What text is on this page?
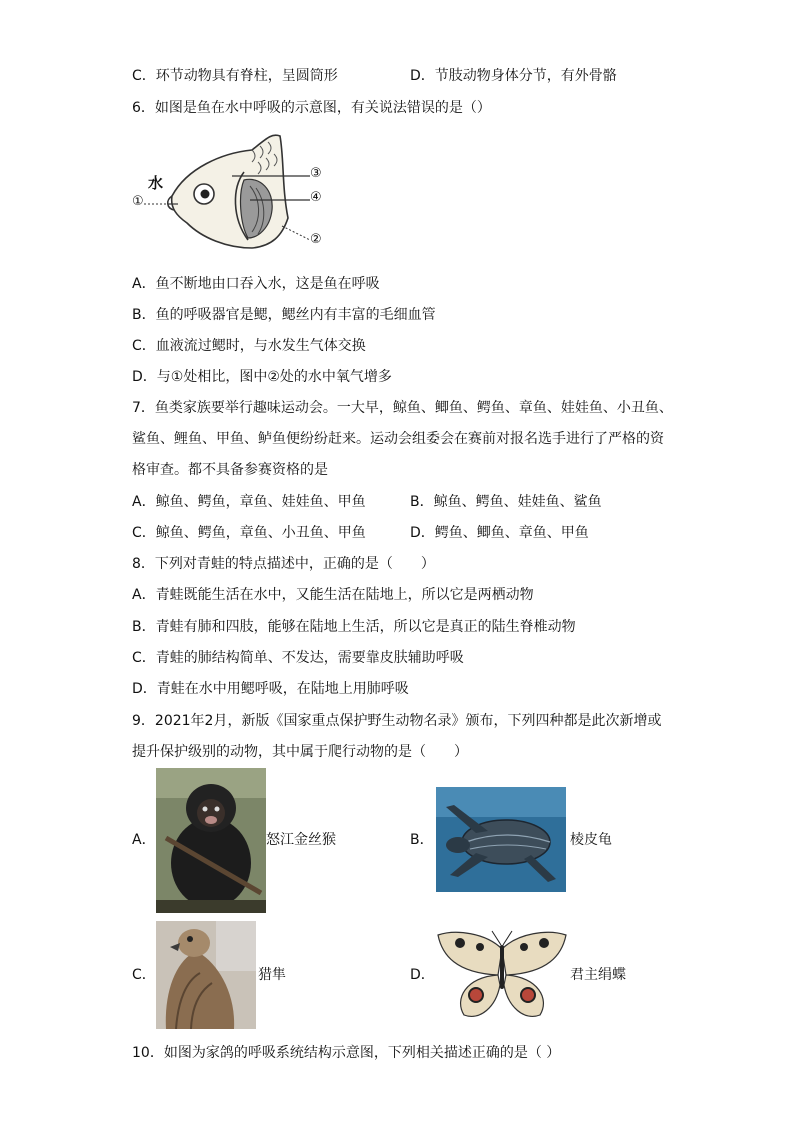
C．环节动物具有脊柱，呈圆筒形	D．节肢动物身体分节，有外骨骼
6．如图是鱼在水中呼吸的示意图，有关说法错误的是（）
水
①
③
④
②
A．鱼不断地由口吞入水，这是鱼在呼吸
B．鱼的呼吸器官是鳃，鳃丝内有丰富的毛细血管
C．血液流过鳃时，与水发生气体交换
D．与①处相比，图中②处的水中氧气增多
7．鱼类家族要举行趣味运动会。一大早，鲸鱼、鲫鱼、鳄鱼、章鱼、娃娃鱼、小丑鱼、
鲨鱼、鲤鱼、甲鱼、鲈鱼便纷纷赶来。运动会组委会在赛前对报名选手进行了严格的资
格审查。都不具备参赛资格的是
A．鲸鱼、鳄鱼，章鱼、娃娃鱼、甲鱼	B．鲸鱼、鳄鱼、娃娃鱼、鲨鱼
C．鲸鱼、鳄鱼，章鱼、小丑鱼、甲鱼	D．鳄鱼、鲫鱼、章鱼、甲鱼
8．下列对青蛙的特点描述中，正确的是（　　）
A．青蛙既能生活在水中，又能生活在陆地上，所以它是两栖动物
B．青蛙有肺和四肢，能够在陆地上生活，所以它是真正的陆生脊椎动物
C．青蛙的肺结构简单、不发达，需要靠皮肤辅助呼吸
D．青蛙在水中用鳃呼吸，在陆地上用肺呼吸
9．2021年2月，新版《国家重点保护野生动物名录》颁布，下列四种都是此次新增或
提升保护级别的动物，其中属于爬行动物的是（　　）
A．	怒江金丝猴	B．	棱皮龟
C．	猎隼	D．	君主绢蝶
10．如图为家鸽的呼吸系统结构示意图，下列相关描述正确的是（ ）
